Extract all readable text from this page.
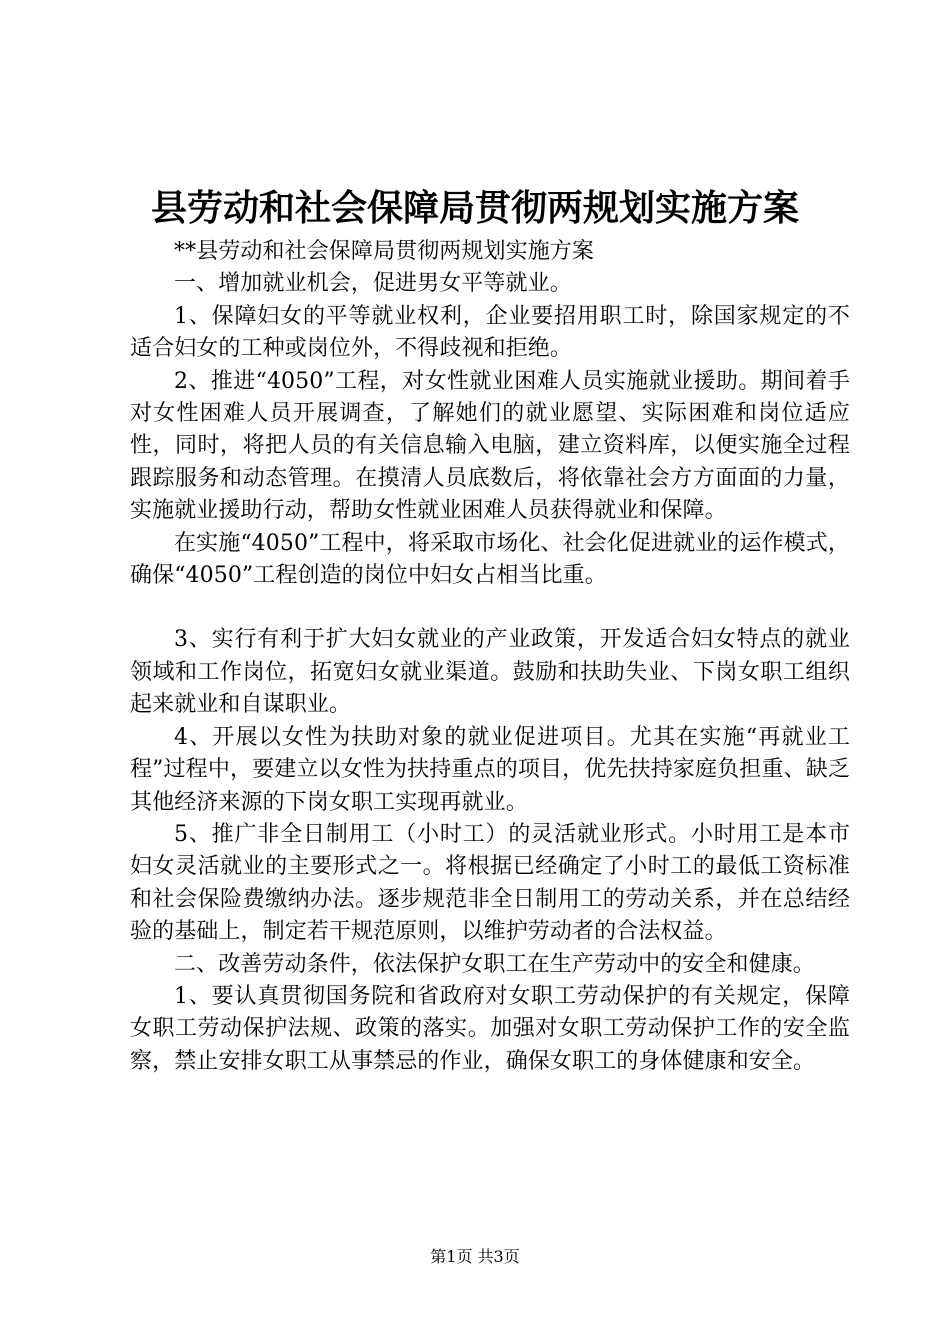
县劳动和社会保障局贯彻两规划实施方案

**县劳动和社会保障局贯彻两规划实施方案

一、增加就业机会，促进男女平等就业。

1、保障妇女的平等就业权利，企业要招用职工时，除国家规定的不适合妇女的工种或岗位外，不得歧视和拒绝。

2、推进“4050”工程，对女性就业困难人员实施就业援助。期间着手对女性困难人员开展调查，了解她们的就业愿望、实际困难和岗位适应性，同时，将把人员的有关信息输入电脑，建立资料库，以便实施全过程跟踪服务和动态管理。在摸清人员底数后，将依靠社会方方面面的力量，实施就业援助行动，帮助女性就业困难人员获得就业和保障。

在实施“4050”工程中，将采取市场化、社会化促进就业的运作模式，确保“4050”工程创造的岗位中妇女占相当比重。

3、实行有利于扩大妇女就业的产业政策，开发适合妇女特点的就业领域和工作岗位，拓宽妇女就业渠道。鼓励和扶助失业、下岗女职工组织起来就业和自谋职业。

4、开展以女性为扶助对象的就业促进项目。尤其在实施“再就业工程”过程中，要建立以女性为扶持重点的项目，优先扶持家庭负担重、缺乏其他经济来源的下岗女职工实现再就业。

5、推广非全日制用工（小时工）的灵活就业形式。小时用工是本市妇女灵活就业的主要形式之一。将根据已经确定了小时工的最低工资标准和社会保险费缴纳办法。逐步规范非全日制用工的劳动关系，并在总结经验的基础上，制定若干规范原则，以维护劳动者的合法权益。

二、改善劳动条件，依法保护女职工在生产劳动中的安全和健康。

1、要认真贯彻国务院和省政府对女职工劳动保护的有关规定，保障女职工劳动保护法规、政策的落实。加强对女职工劳动保护工作的安全监察，禁止安排女职工从事禁忌的作业，确保女职工的身体健康和安全。

第1页 共3页
